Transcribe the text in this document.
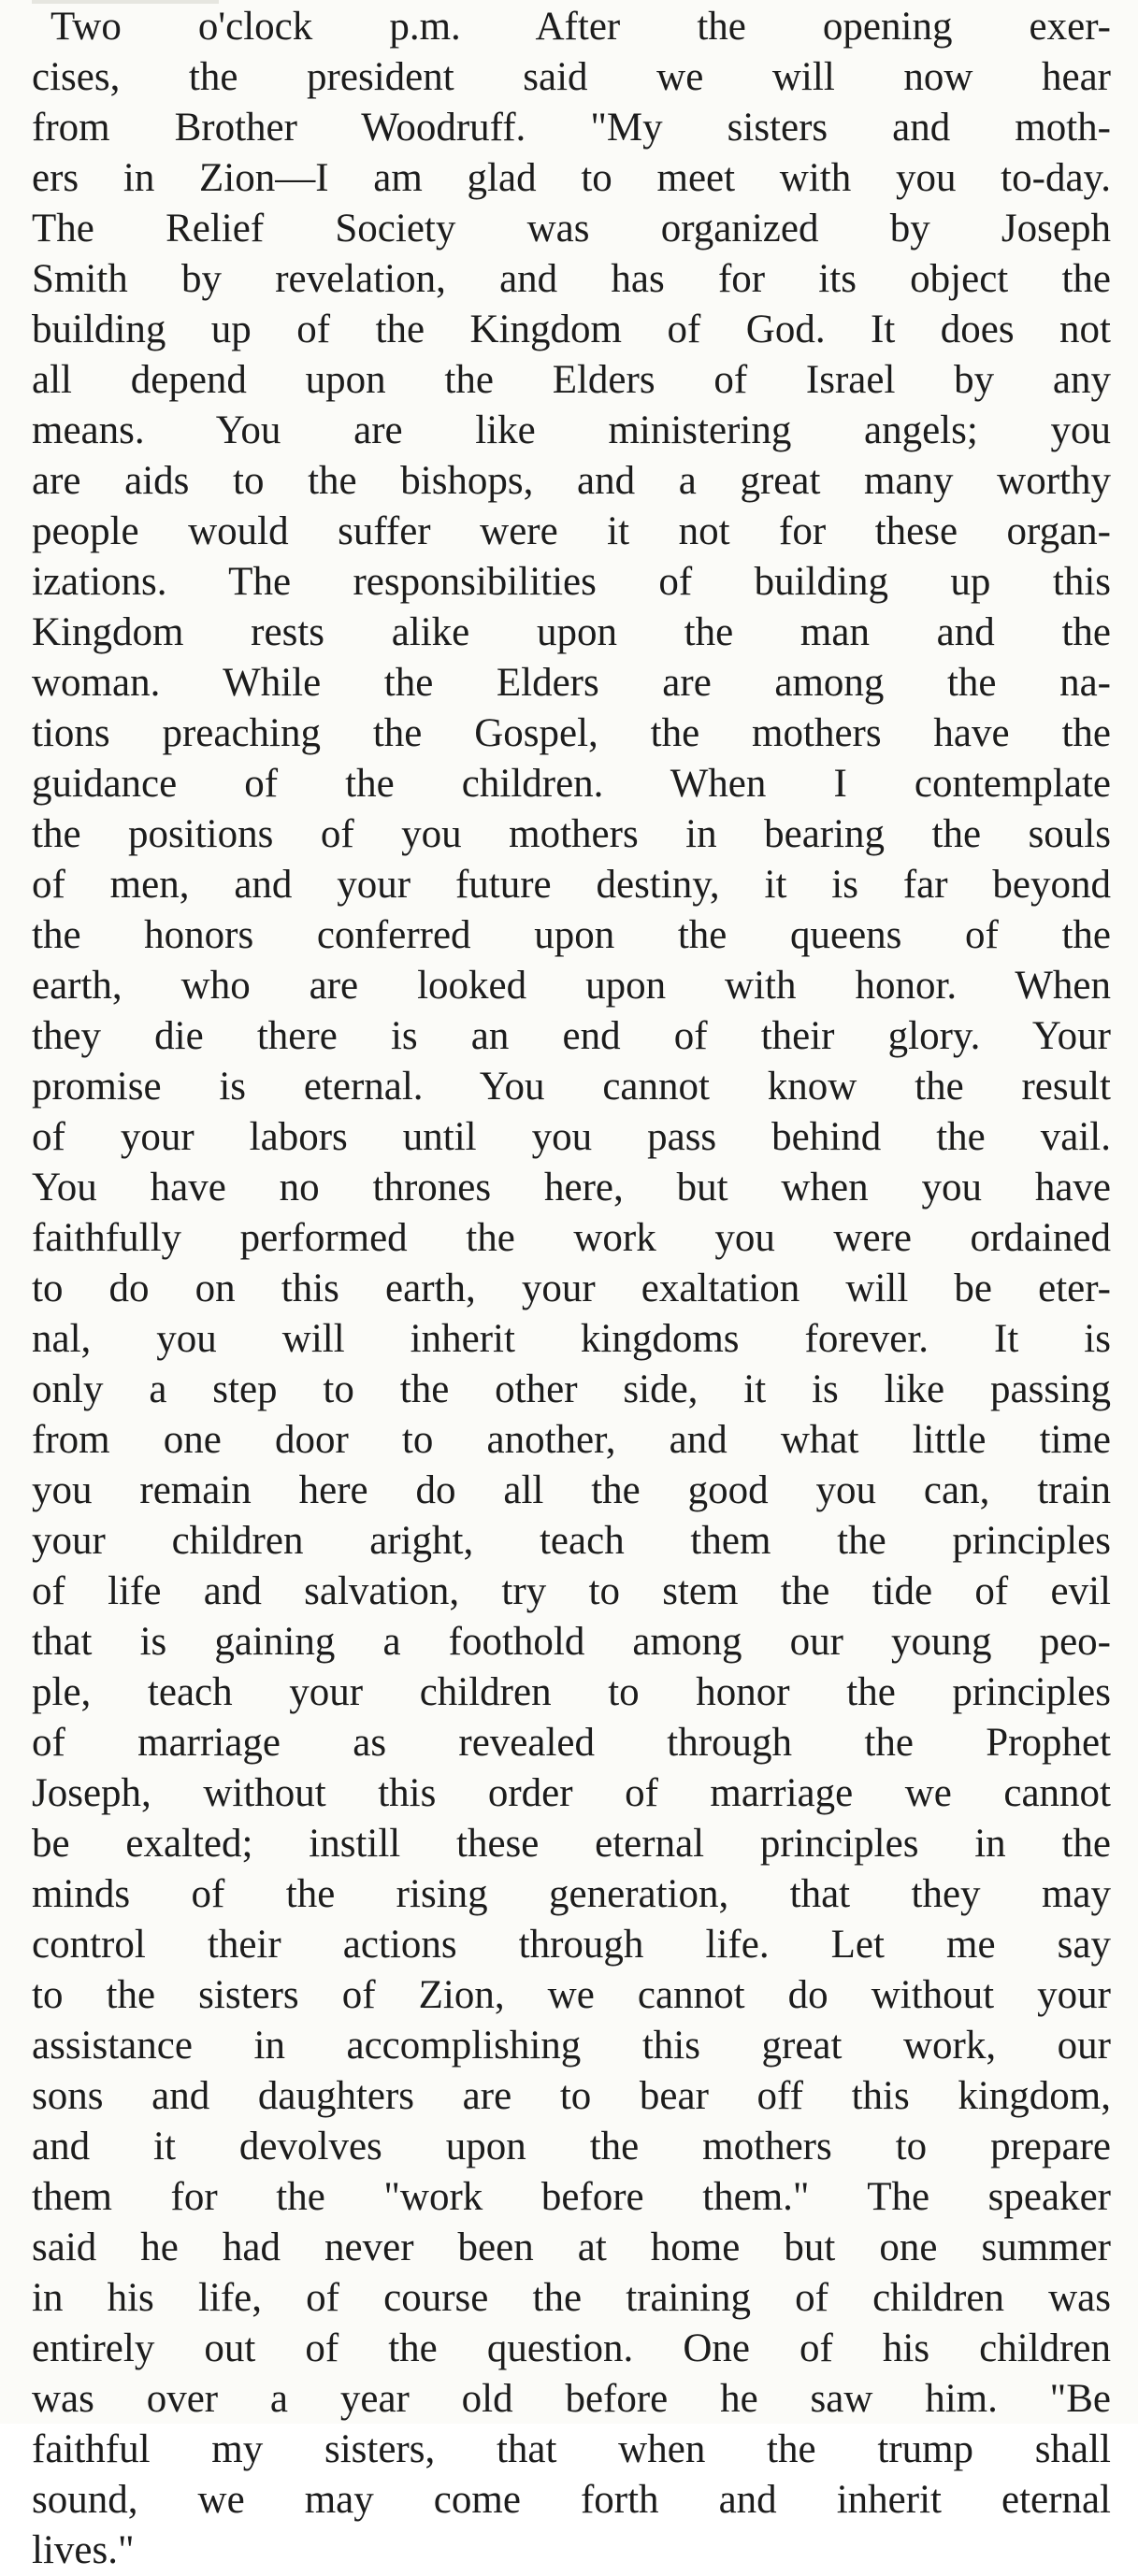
Two o'clock p.m. After the opening exer-
cises, the president said we will now hear
from Brother Woodruff. "My sisters and moth-
ers in Zion—I am glad to meet with you to-day.
The Relief Society was organized by Joseph
Smith by revelation, and has for its object the
building up of the Kingdom of God. It does not
all depend upon the Elders of Israel by any
means. You are like ministering angels; you
are aids to the bishops, and a great many worthy
people would suffer were it not for these organ-
izations. The responsibilities of building up this
Kingdom rests alike upon the man and the
woman. While the Elders are among the na-
tions preaching the Gospel, the mothers have the
guidance of the children. When I contemplate
the positions of you mothers in bearing the souls
of men, and your future destiny, it is far beyond
the honors conferred upon the queens of the
earth, who are looked upon with honor. When
they die there is an end of their glory. Your
promise is eternal. You cannot know the result
of your labors until you pass behind the vail.
You have no thrones here, but when you have
faithfully performed the work you were ordained
to do on this earth, your exaltation will be eter-
nal, you will inherit kingdoms forever. It is
only a step to the other side, it is like passing
from one door to another, and what little time
you remain here do all the good you can, train
your children aright, teach them the principles
of life and salvation, try to stem the tide of evil
that is gaining a foothold among our young peo-
ple, teach your children to honor the principles
of marriage as revealed through the Prophet
Joseph, without this order of marriage we cannot
be exalted; instill these eternal principles in the
minds of the rising generation, that they may
control their actions through life. Let me say
to the sisters of Zion, we cannot do without your
assistance in accomplishing this great work, our
sons and daughters are to bear off this kingdom,
and it devolves upon the mothers to prepare
them for the "work before them." The speaker
said he had never been at home but one summer
in his life, of course the training of children was
entirely out of the question. One of his children
was over a year old before he saw him. "Be
faithful my sisters, that when the trump shall
sound, we may come forth and inherit eternal
lives."
